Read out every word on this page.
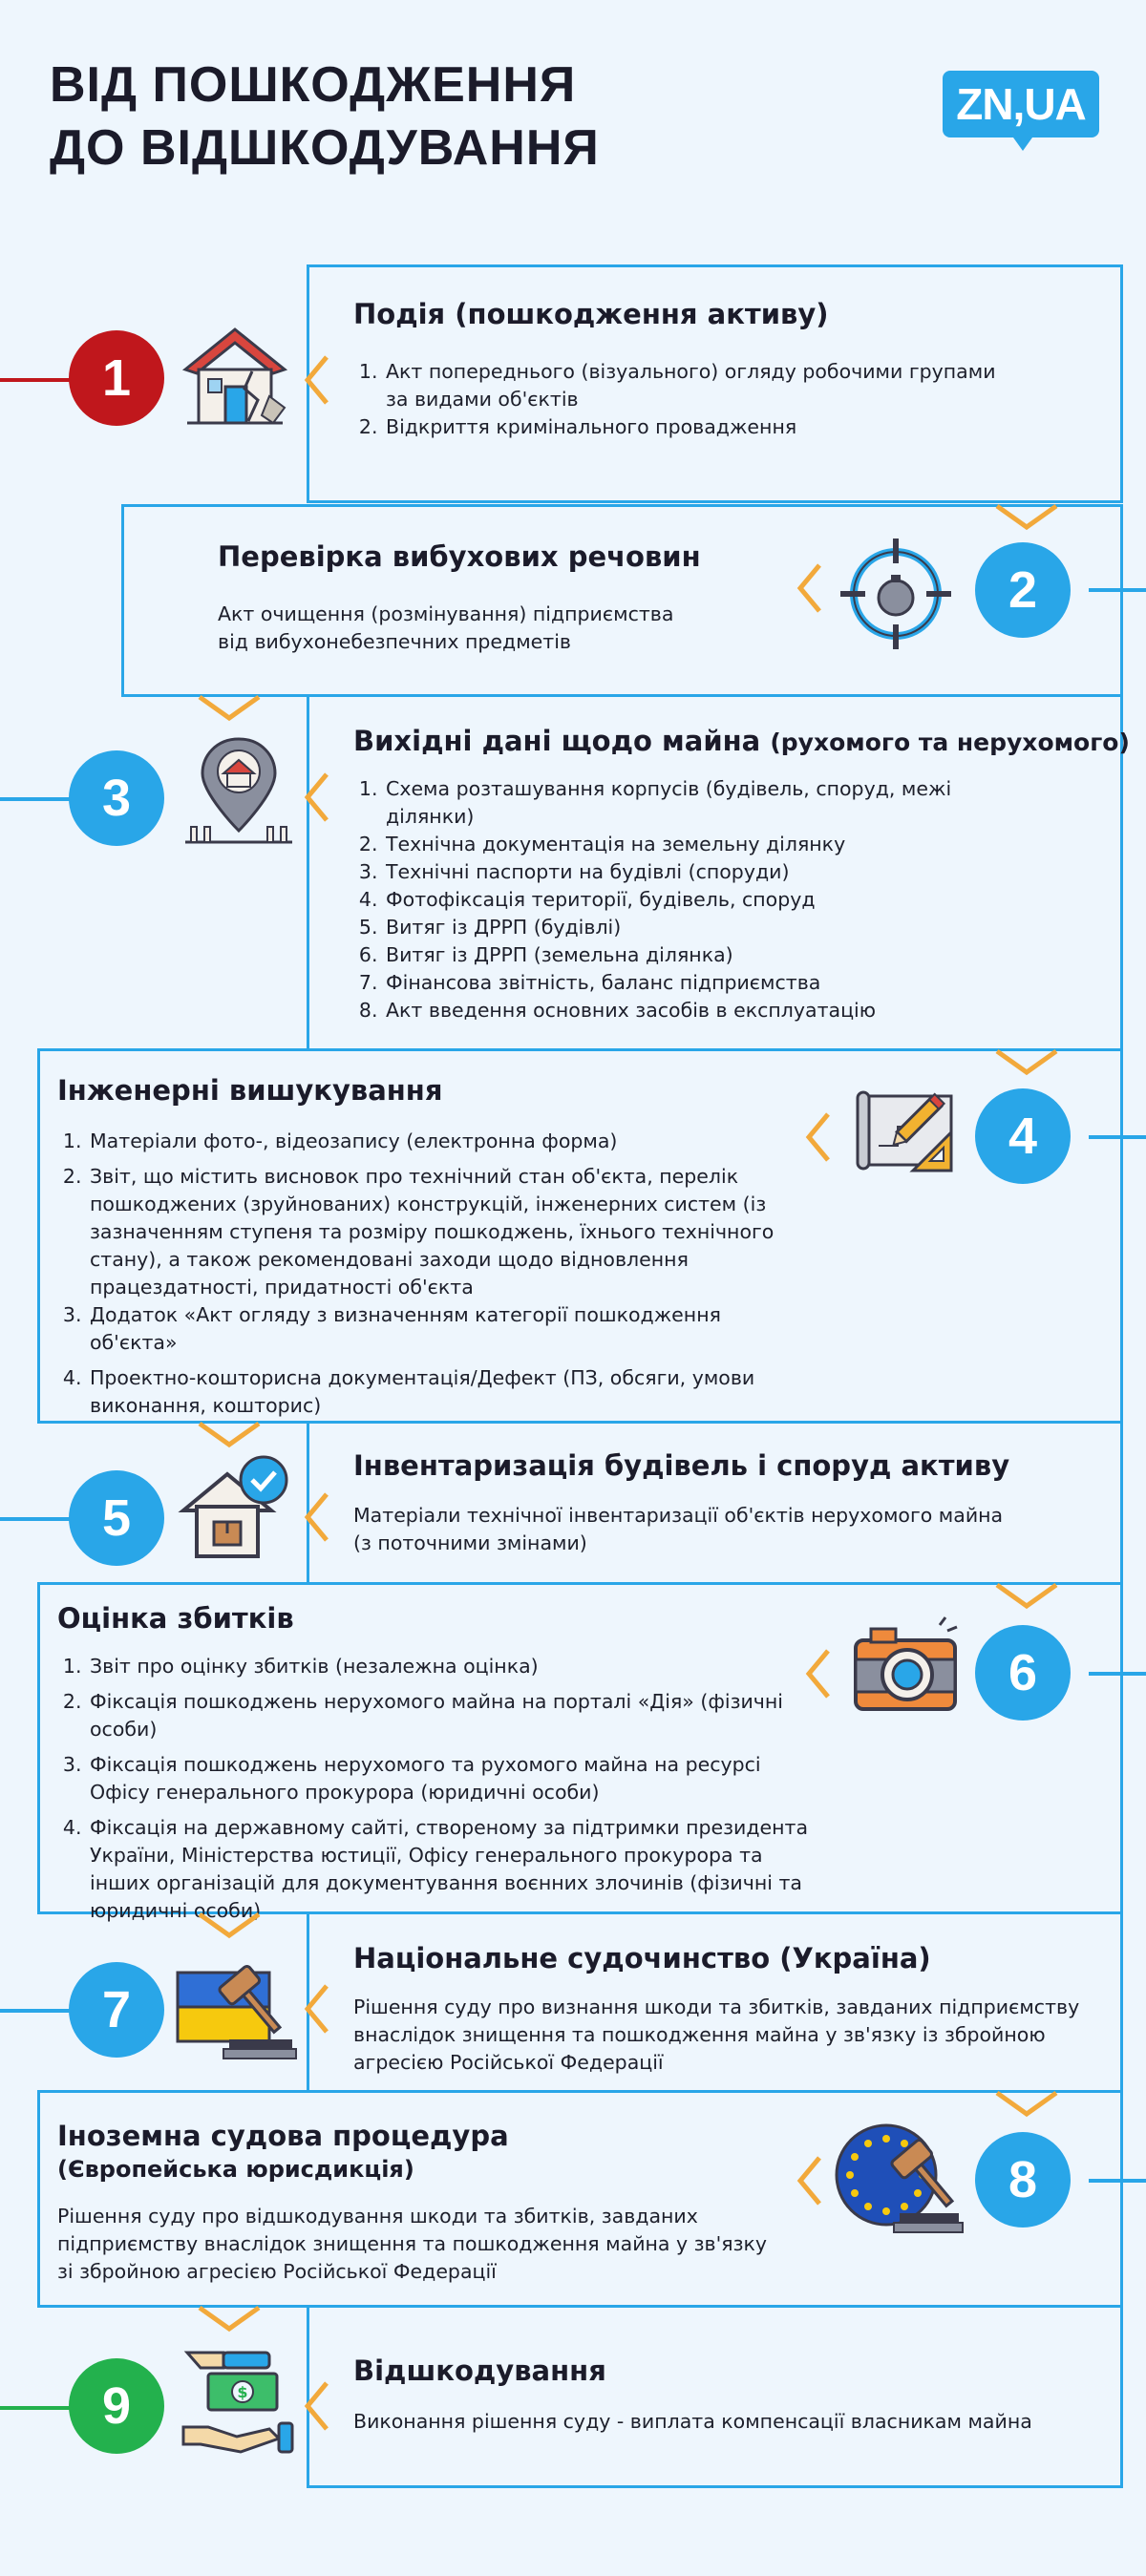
ВІД ПОШКОДЖЕННЯ
ДО ВІДШКОДУВАННЯ
ZN,UA
1
Подія (пошкодження активу)
1. Акт попереднього (візуального) огляду робочими групами за видами об'єктів
2. Відкриття кримінального провадження
2
Перевірка вибухових речовин
Акт очищення (розмінування) підприємства
від вибухонебезпечних предметів
3
Вихідні дані щодо майна (рухомого та нерухомого)
1. Схема розташування корпусів (будівель, споруд, межі ділянки)
2. Технічна документація на земельну ділянку
3. Технічні паспорти на будівлі (споруди)
4. Фотофіксація території, будівель, споруд
5. Витяг із ДРРП (будівлі)
6. Витяг із ДРРП (земельна ділянка)
7. Фінансова звітність, баланс підприємства
8. Акт введення основних засобів в експлуатацію
4
Інженерні вишукування
1. Матеріали фото-, відеозапису (електронна форма)
2. Звіт, що містить висновок про технічний стан об'єкта, перелік пошкоджених (зруйнованих) конструкцій, інженерних систем (із зазначенням ступеня та розміру пошкоджень, їхнього технічного стану), а також рекомендовані заходи щодо відновлення працездатності, придатності об'єкта
3. Додаток «Акт огляду з визначенням категорії пошкодження об'єкта»
4. Проектно-кошторисна документація/Дефект (ПЗ, обсяги, умови виконання, кошторис)
5
Інвентаризація будівель і споруд активу
Матеріали технічної інвентаризації об'єктів нерухомого майна
(з поточними змінами)
6
Оцінка збитків
1. Звіт про оцінку збитків (незалежна оцінка)
2. Фіксація пошкоджень нерухомого майна на порталі «Дія» (фізичні особи)
3. Фіксація пошкоджень нерухомого та рухомого майна на ресурсі Офісу генерального прокурора (юридичні особи)
4. Фіксація на державному сайті, створеному за підтримки президента України, Міністерства юстиції, Офісу генерального прокурора та інших організацій для документування воєнних злочинів (фізичні та юридичні особи)
7
Національне судочинство (Україна)
Рішення суду про визнання шкоди та збитків, завданих підприємству
внаслідок знищення та пошкодження майна у зв'язку із збройною
агресією Російської Федерації
8
Іноземна судова процедура
(Європейська юрисдикція)
Рішення суду про відшкодування шкоди та збитків, завданих
підприємству внаслідок знищення та пошкодження майна у зв'язку
зі збройною агресією Російської Федерації
9	$
Відшкодування
Виконання рішення суду - виплата компенсації власникам майна
